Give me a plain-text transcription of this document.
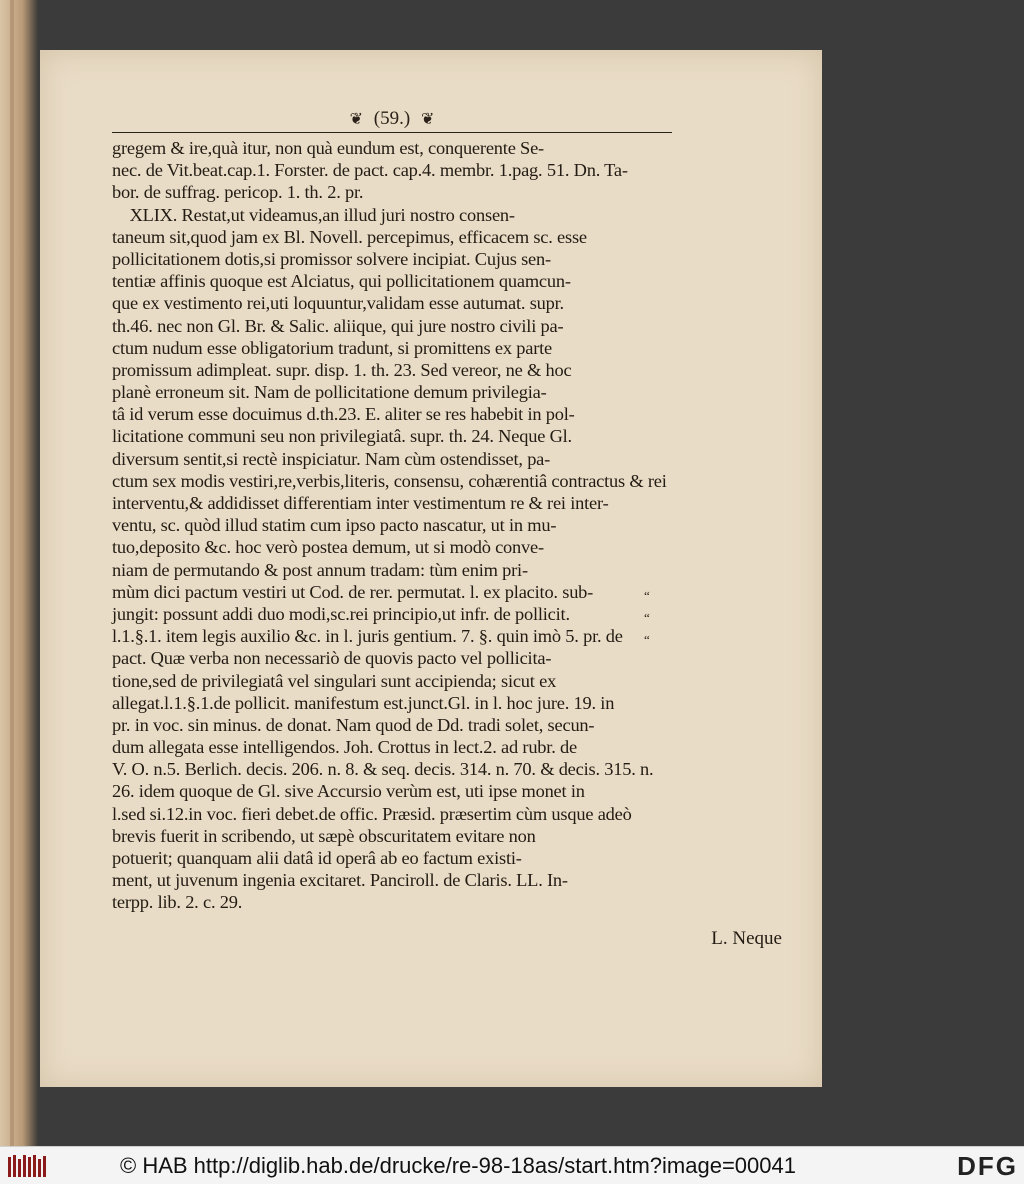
❦ (59.) ❦
gregem & ire,quà itur, non quà eundum est, conquerente Se-
nec. de Vit.beat.cap.1. Forster. de pact. cap.4. membr. 1.pag. 51. Dn. Ta-
bor. de suffrag. pericop. 1. th. 2. pr.
XLIX. Restat,ut videamus,an illud juri nostro consen-
taneum sit,quod jam ex Bl. Novell. percepimus, efficacem sc. esse
pollicitationem dotis,si promissor solvere incipiat. Cujus sen-
tentiæ affinis quoque est Alciatus, qui pollicitationem quamcun-
que ex vestimento rei,uti loquuntur,validam esse autumat. supr.
th.46. nec non Gl. Br. & Salic. aliique, qui jure nostro civili pa-
ctum nudum esse obligatorium tradunt, si promittens ex parte
promissum adimpleat. supr. disp. 1. th. 23. Sed vereor, ne & hoc
planè erroneum sit. Nam de pollicitatione demum privilegia-
tâ id verum esse docuimus d.th.23. E. aliter se res habebit in pol-
licitatione communi seu non privilegiatâ. supr. th. 24. Neque Gl.
diversum sentit,si rectè inspiciatur. Nam cùm ostendisset, pa-
ctum sex modis vestiri,re,verbis,literis, consensu, cohærentiâ contractus & rei
interventu,& addidisset differentiam inter vestimentum re & rei inter-
ventu, sc. quòd illud statim cum ipso pacto nascatur, ut in mu-
tuo,deposito &c. hoc verò postea demum, ut si modò conve-
niam de permutando & post annum tradam: tùm enim pri-
mùm dici pactum vestiri ut Cod. de rer. permutat. l. ex placito. sub-
jungit: possunt addi duo modi,sc.rei principio,ut infr. de pollicit.
l.1.§.1. item legis auxilio &c. in l. juris gentium. 7. §. quin imò 5. pr. de
pact. Quæ verba non necessariò de quovis pacto vel pollicita-
tione,sed de privilegiatâ vel singulari sunt accipienda; sicut ex
allegat.l.1.§.1.de pollicit. manifestum est.junct.Gl. in l. hoc jure. 19. in
pr. in voc. sin minus. de donat. Nam quod de Dd. tradi solet, secun-
dum allegata esse intelligendos. Joh. Crottus in lect.2. ad rubr. de
V. O. n.5. Berlich. decis. 206. n. 8. & seq. decis. 314. n. 70. & decis. 315. n.
26. idem quoque de Gl. sive Accursio verùm est, uti ipse monet in
l.sed si.12.in voc. fieri debet.de offic. Præsid. præsertim cùm usque adeò
brevis fuerit in scribendo, ut sæpè obscuritatem evitare non
potuerit; quanquam alii datâ id operâ ab eo factum existi-
ment, ut juvenum ingenia excitaret. Panciroll. de Claris. LL. In-
terpp. lib. 2. c. 29.
“
“
“
L. Neque
© HAB http://diglib.hab.de/drucke/re-98-18as/start.htm?image=00041	DFG
